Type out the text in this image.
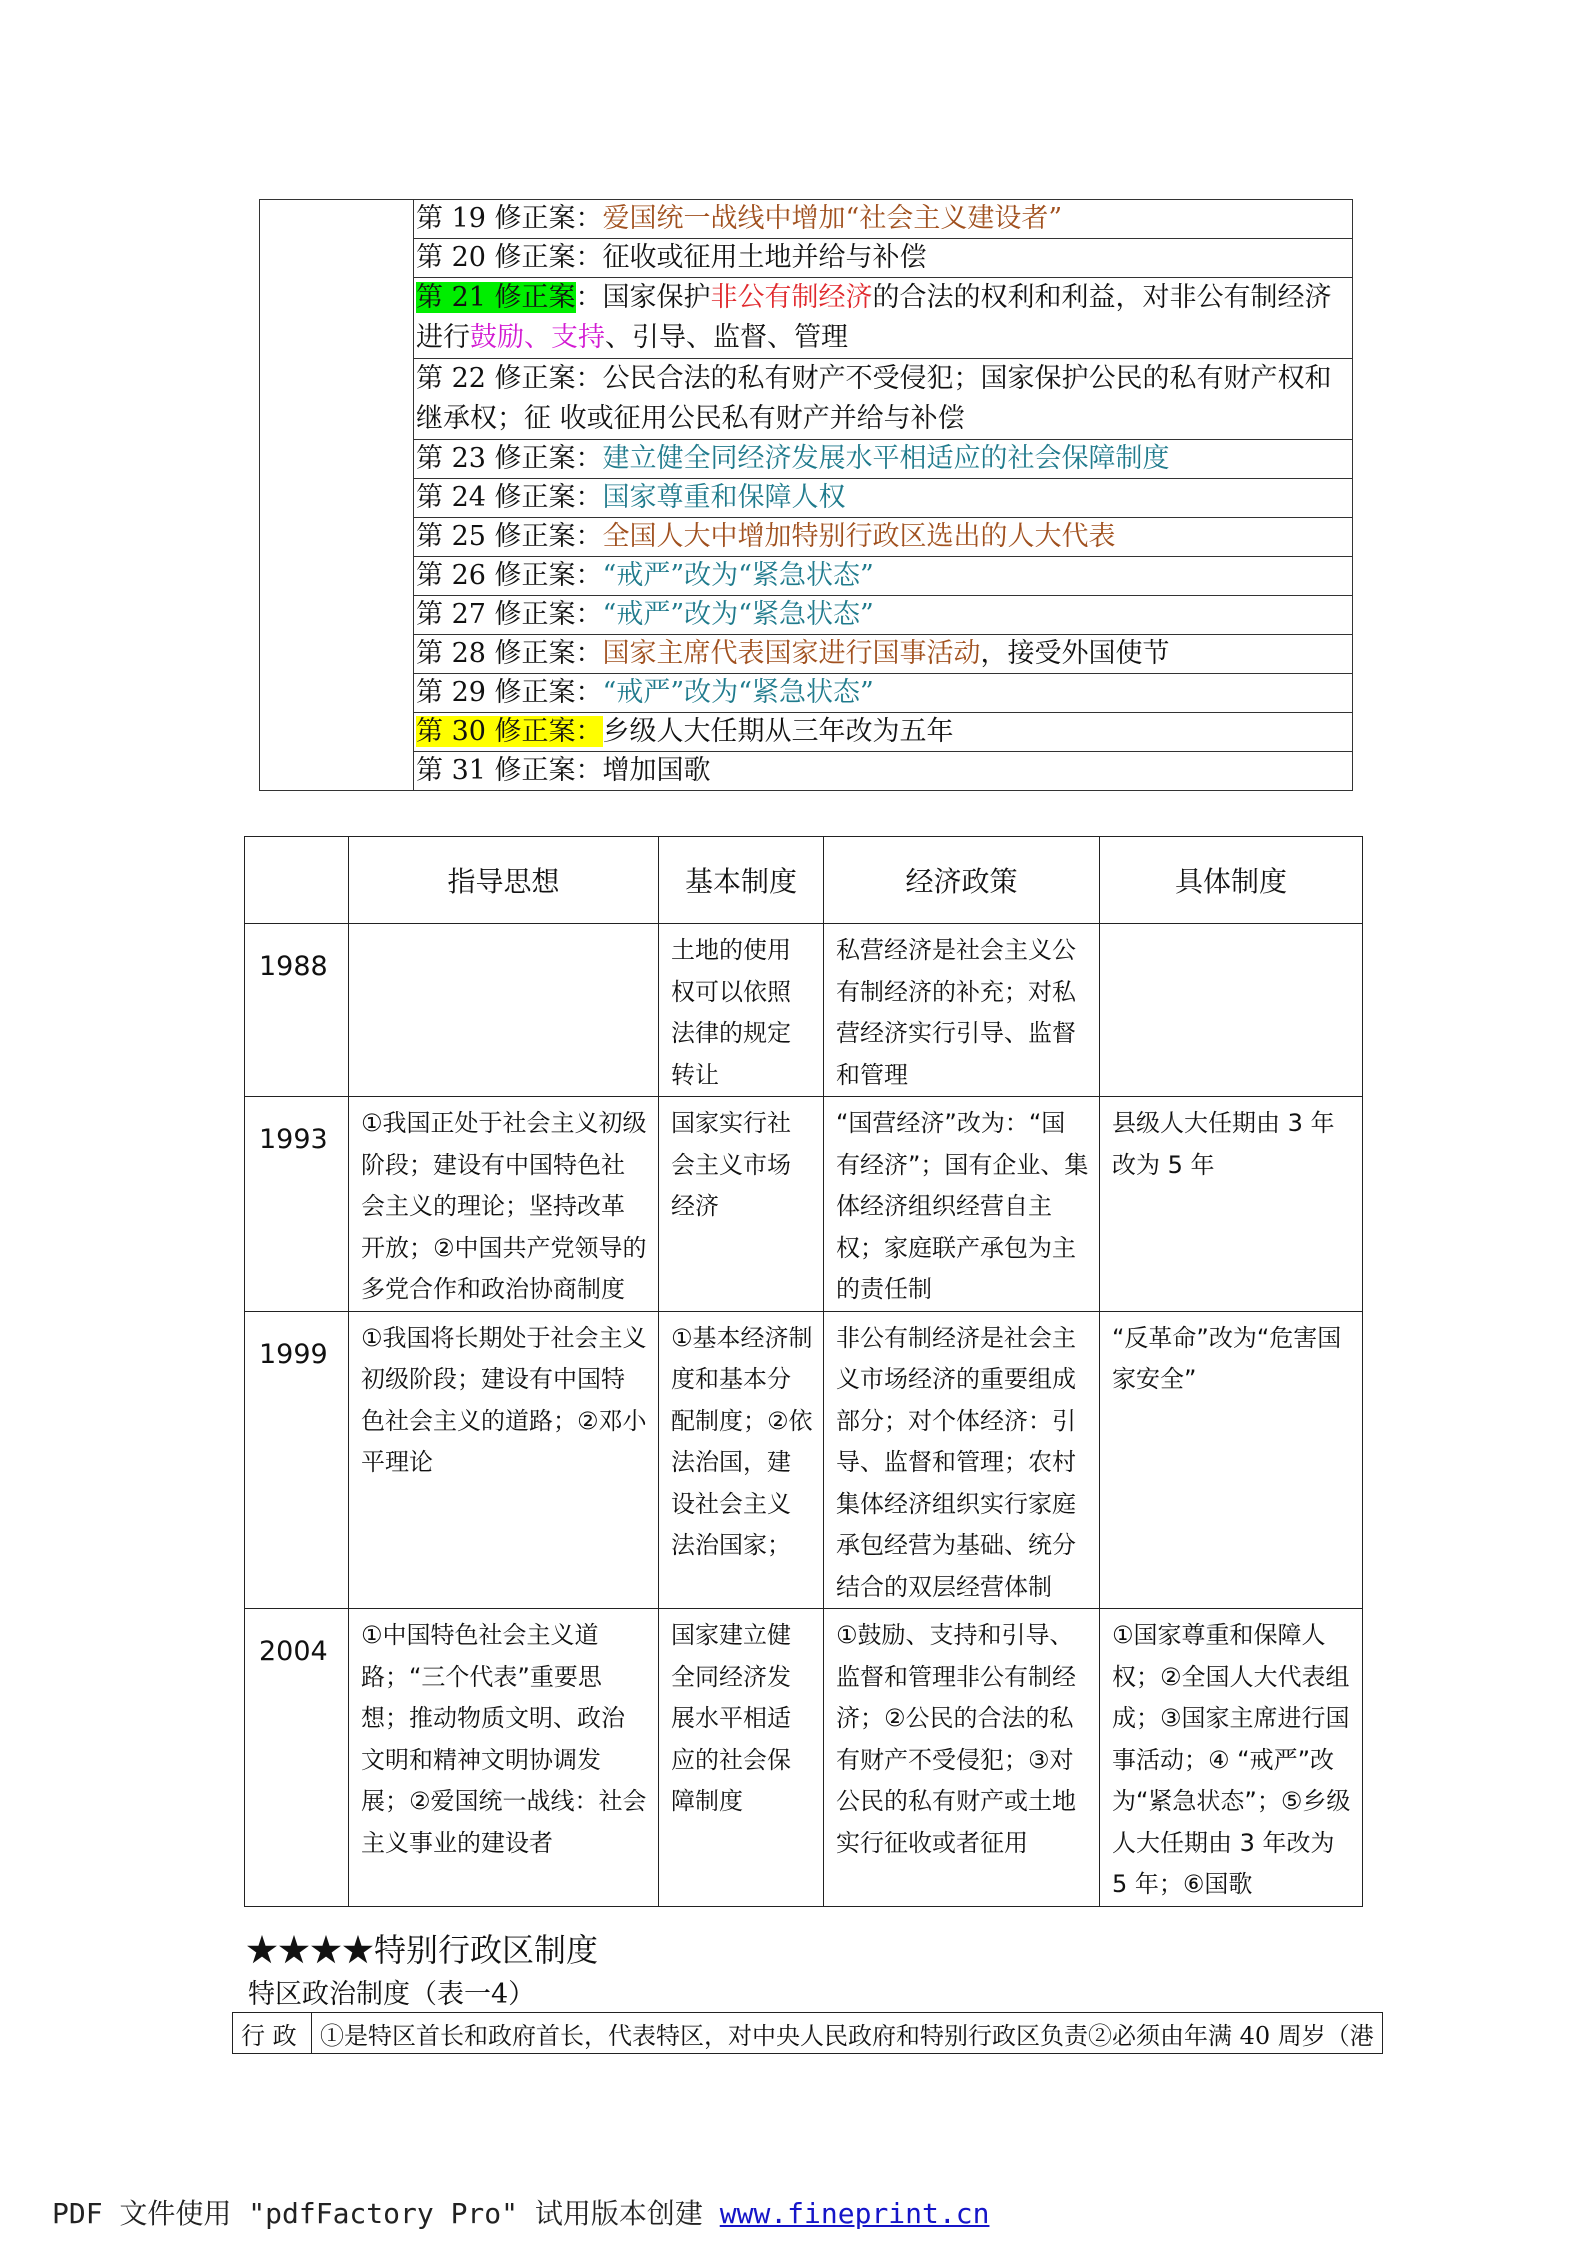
第 19 修正案：爱国统一战线中增加“社会主义建设者”
第 20 修正案：征收或征用土地并给与补偿
第 21 修正案：国家保护非公有制经济的合法的权利和利益，对非公有制经济进行鼓励、支持、引导、监督、管理
第 22 修正案：公民合法的私有财产不受侵犯；国家保护公民的私有财产权和继承权；征 收或征用公民私有财产并给与补偿
第 23 修正案：建立健全同经济发展水平相适应的社会保障制度
第 24 修正案：国家尊重和保障人权
第 25 修正案：全国人大中增加特别行政区选出的人大代表
第 26 修正案：“戒严”改为“紧急状态”
第 27 修正案：“戒严”改为“紧急状态”
第 28 修正案：国家主席代表国家进行国事活动，接受外国使节
第 29 修正案：“戒严”改为“紧急状态”
第 30 修正案：乡级人大任期从三年改为五年
第 31 修正案：增加国歌
	指导思想	基本制度	经济政策	具体制度
1988		土地的使用权可以依照法律的规定转让	私营经济是社会主义公有制经济的补充；对私营经济实行引导、监督和管理	
1993	①我国正处于社会主义初级阶段；建设有中国特色社会主义的理论；坚持改革开放；②中国共产党领导的多党合作和政治协商制度	国家实行社会主义市场经济	“国营经济”改为：“国有经济”；国有企业、集体经济组织经营自主权；家庭联产承包为主的责任制	县级人大任期由 3 年改为 5 年
1999	①我国将长期处于社会主义初级阶段；建设有中国特色社会主义的道路；②邓小平理论	①基本经济制度和基本分配制度；②依法治国，建设社会主义法治国家；	非公有制经济是社会主义市场经济的重要组成部分；对个体经济：引导、监督和管理；农村集体经济组织实行家庭承包经营为基础、统分结合的双层经营体制	“反革命”改为“危害国家安全”
2004	①中国特色社会主义道路；“三个代表”重要思想；推动物质文明、政治文明和精神文明协调发展；②爱国统一战线：社会主义事业的建设者	国家建立健全同经济发展水平相适应的社会保障制度	①鼓励、支持和引导、监督和管理非公有制经济；②公民的合法的私有财产不受侵犯；③对公民的私有财产或土地实行征收或者征用	①国家尊重和保障人权；②全国人大代表组成；③国家主席进行国事活动；④ “戒严”改为“紧急状态”；⑤乡级人大任期由 3 年改为 5 年；⑥国歌
★★★★特别行政区制度
特区政治制度（表一4）
行 政	①是特区首长和政府首长，代表特区，对中央人民政府和特别行政区负责②必须由年满 40 周岁（港
PDF 文件使用 "pdfFactory Pro" 试用版本创建 www.fineprint.cn
